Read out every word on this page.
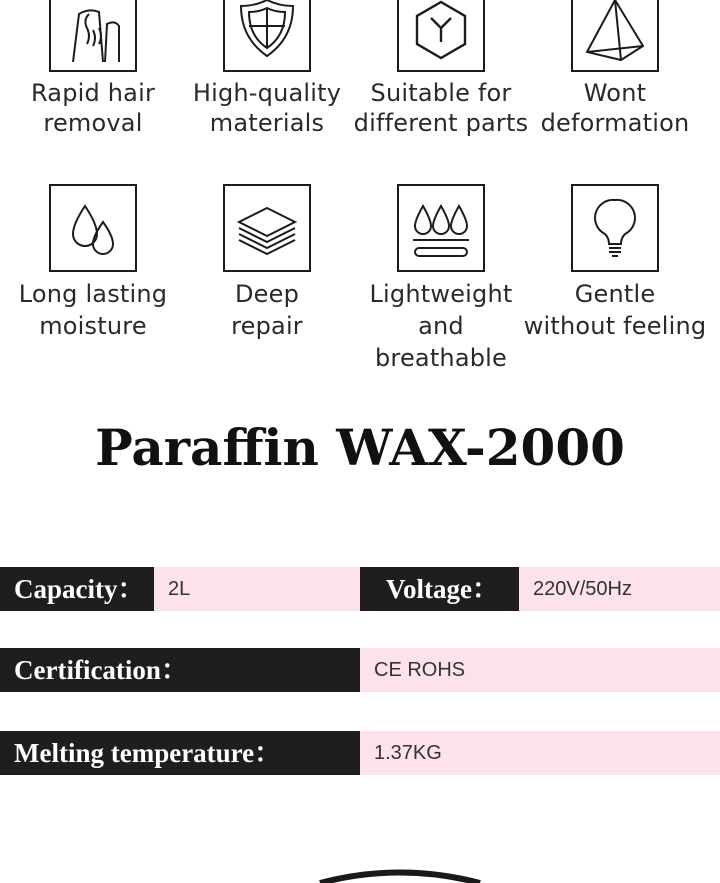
Rapid hair
removal
High-quality
materials
Suitable for
different parts
Wont
deformation
Long lasting
moisture
Deep
repair
Lightweight and
breathable
Gentle
without feeling
Paraffin WAX-2000
Capacity：	2L	Voltage：	220V/50Hz
Certification：	CE ROHS
Melting temperature：	1.37KG
